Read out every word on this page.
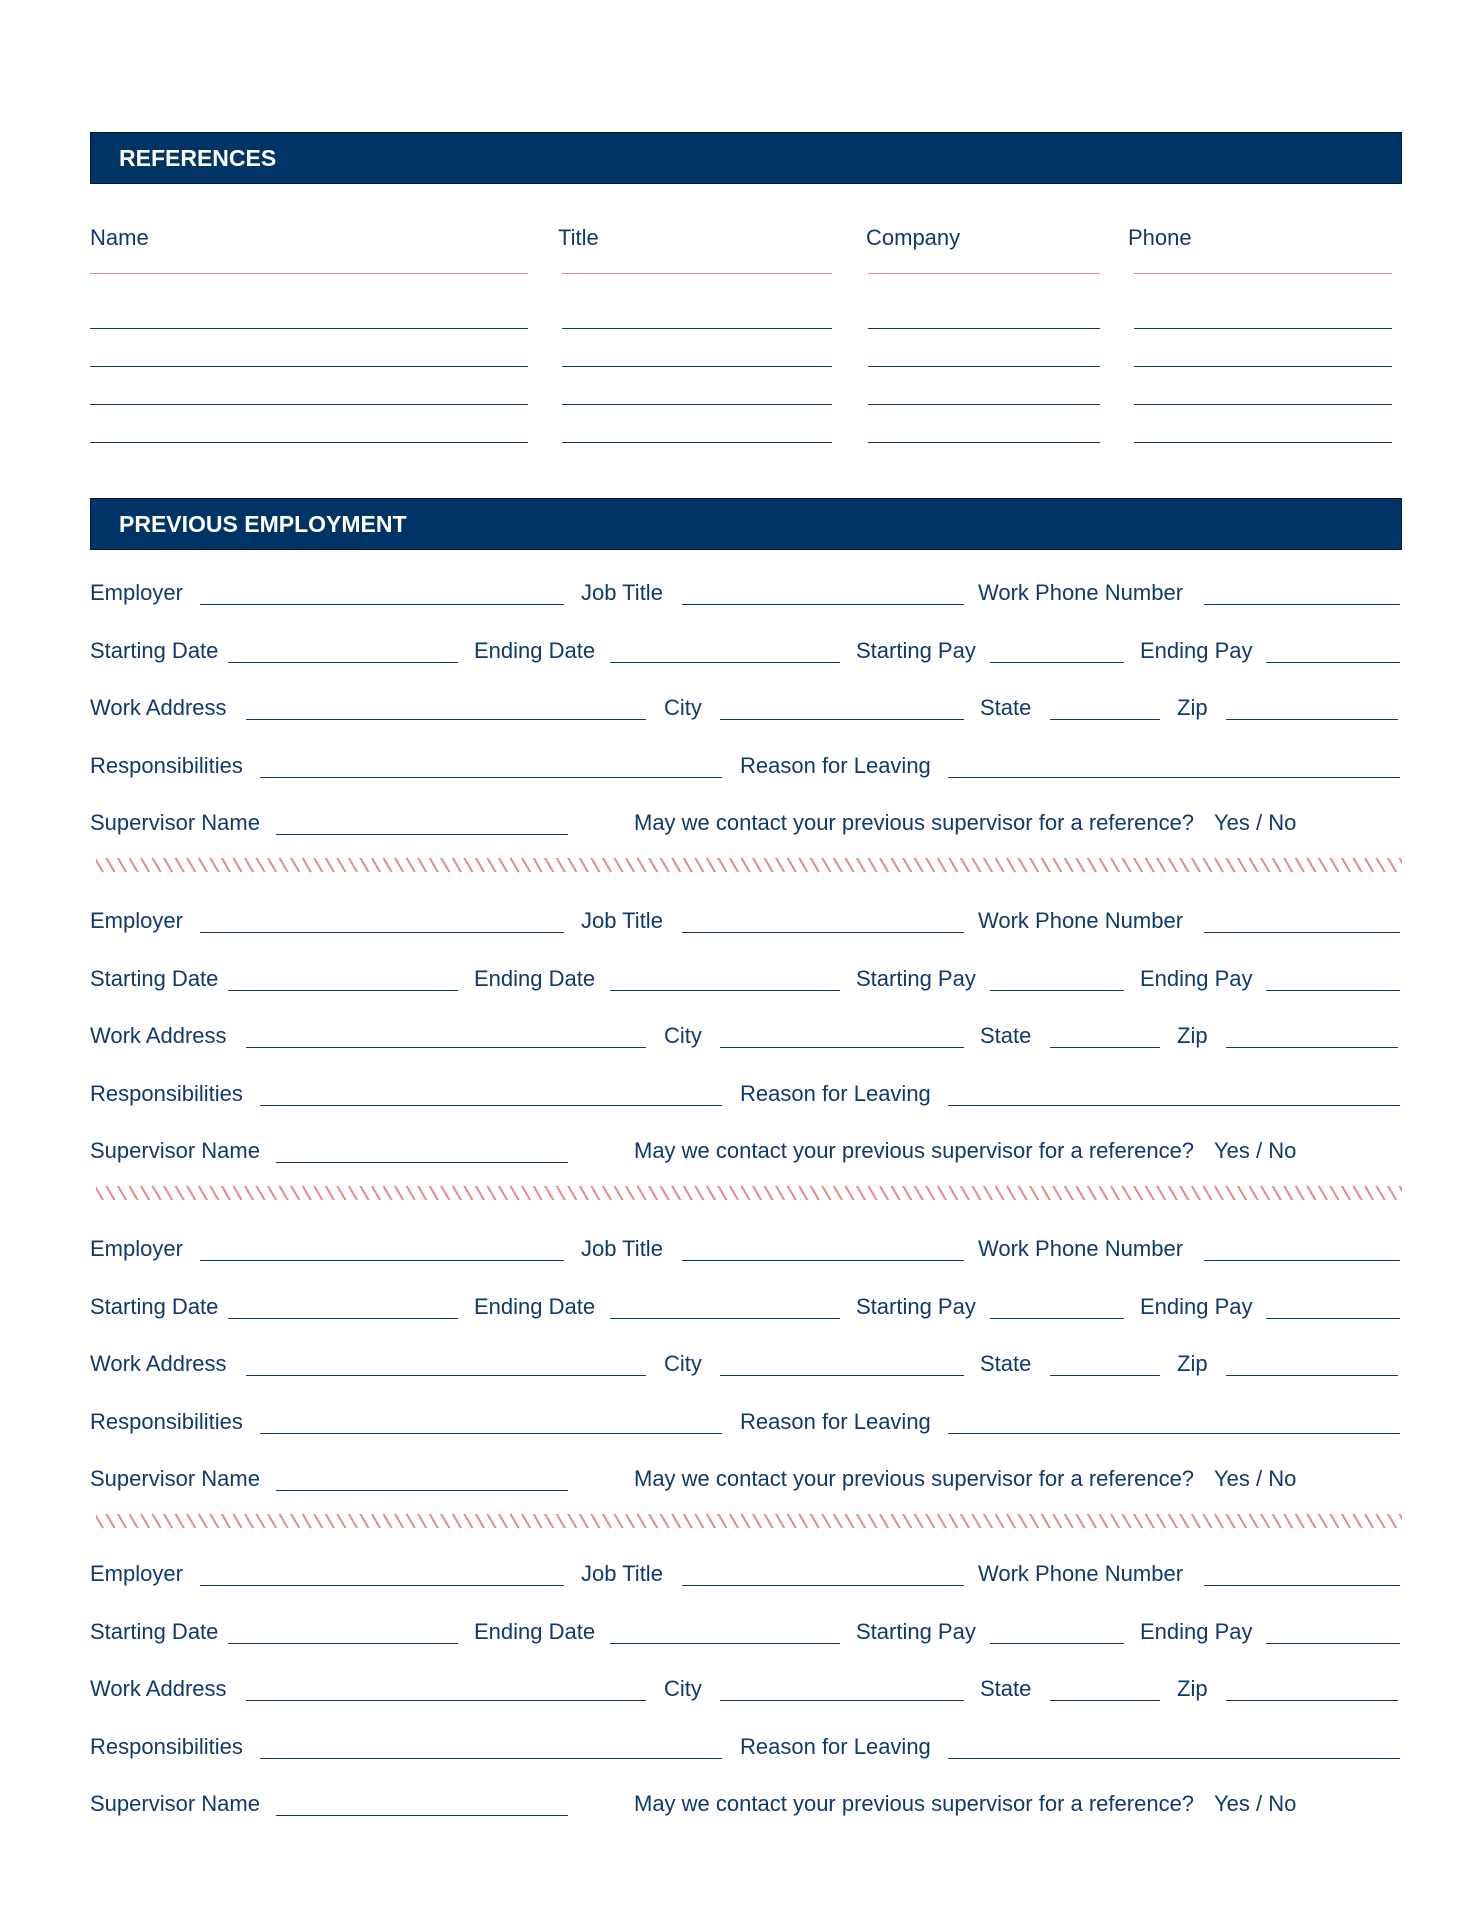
REFERENCES
Name	Title	Company	Phone
PREVIOUS EMPLOYMENT
Employer	Job Title	Work Phone Number
Starting Date	Ending Date	Starting Pay	Ending Pay
Work Address	City	State	Zip
Responsibilities	Reason for Leaving
Supervisor Name	May we contact your previous supervisor for a reference? Yes / No
Employer	Job Title	Work Phone Number
Starting Date	Ending Date	Starting Pay	Ending Pay
Work Address	City	State	Zip
Responsibilities	Reason for Leaving
Supervisor Name	May we contact your previous supervisor for a reference? Yes / No
Employer	Job Title	Work Phone Number
Starting Date	Ending Date	Starting Pay	Ending Pay
Work Address	City	State	Zip
Responsibilities	Reason for Leaving
Supervisor Name	May we contact your previous supervisor for a reference? Yes / No
Employer	Job Title	Work Phone Number
Starting Date	Ending Date	Starting Pay	Ending Pay
Work Address	City	State	Zip
Responsibilities	Reason for Leaving
Supervisor Name	May we contact your previous supervisor for a reference? Yes / No
